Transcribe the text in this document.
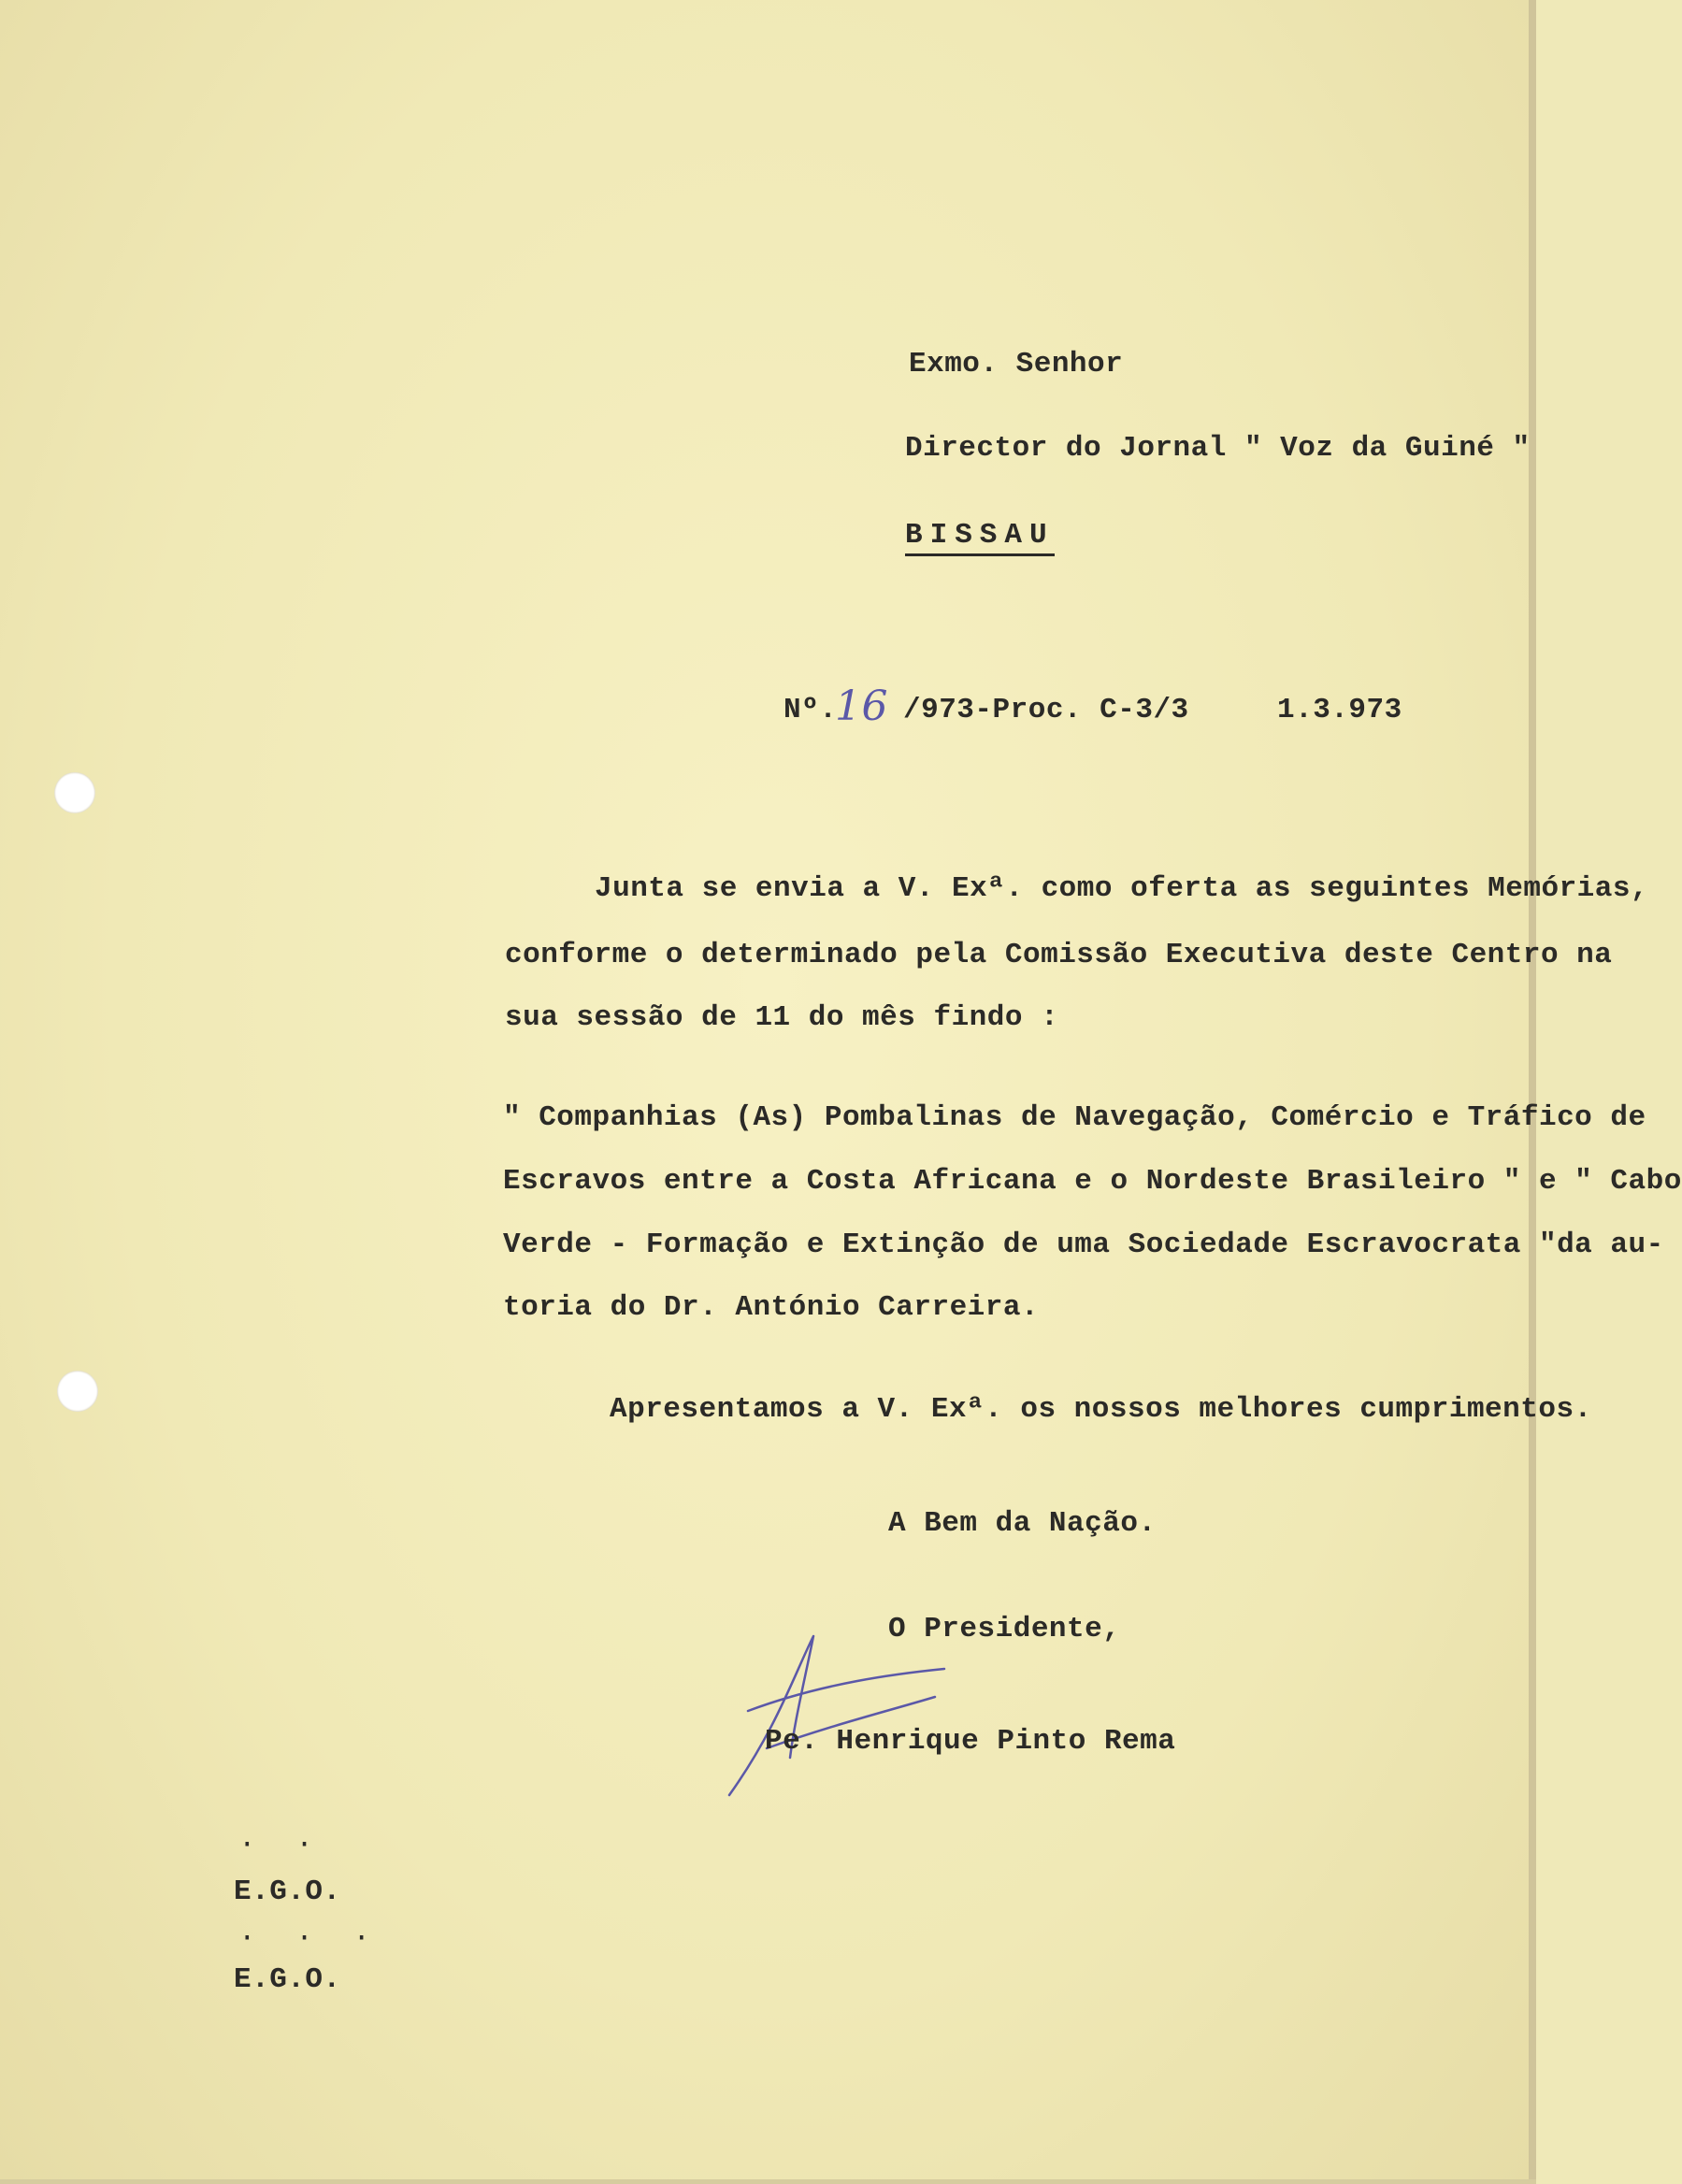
Exmo. Senhor
Director do Jornal " Voz da Guiné "
BISSAU
Nº.
16 /973-Proc. C-3/3	1.3.973
Junta se envia a V. Exª. como oferta as seguintes Memórias,
conforme o determinado pela Comissão Executiva deste Centro na
sua sessão de 11 do mês findo :
" Companhias (As) Pombalinas de Navegação, Comércio e Tráfico de
Escravos entre a Costa Africana e o Nordeste Brasileiro " e " Cabo
Verde - Formação e Extinção de uma Sociedade Escravocrata "da au-
toria do Dr. António Carreira.
Apresentamos a V. Exª. os nossos melhores cumprimentos.
A Bem da Nação.
O Presidente,
Pe. Henrique Pinto Rema
· ·
E.G.O.
· · ·
E.G.O.
